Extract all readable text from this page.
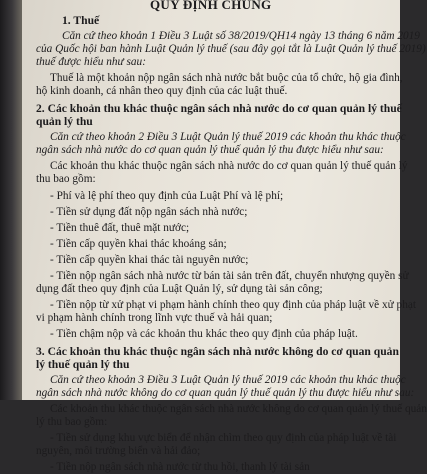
QUY ĐỊNH CHUNG
1. Thuế
Căn cứ theo khoản 1 Điều 3 Luật số 38/2019/QH14 ngày 13 tháng 6 năm 2019
của Quốc hội ban hành Luật Quản lý thuế (sau đây gọi tắt là Luật Quản lý thuế 2019)
thuế được hiểu như sau:
Thuế là một khoản nộp ngân sách nhà nước bắt buộc của tổ chức, hộ gia đình,
hộ kinh doanh, cá nhân theo quy định của các luật thuế.
2. Các khoản thu khác thuộc ngân sách nhà nước do cơ quan quản lý thuế
quản lý thu
Căn cứ theo khoản 2 Điều 3 Luật Quản lý thuế 2019 các khoản thu khác thuộc
ngân sách nhà nước do cơ quan quản lý thuế quản lý thu được hiểu như sau:
Các khoản thu khác thuộc ngân sách nhà nước do cơ quan quản lý thuế quản lý
thu bao gồm:
- Phí và lệ phí theo quy định của Luật Phí và lệ phí;
- Tiền sử dụng đất nộp ngân sách nhà nước;
- Tiền thuê đất, thuê mặt nước;
- Tiền cấp quyền khai thác khoáng sản;
- Tiền cấp quyền khai thác tài nguyên nước;
- Tiền nộp ngân sách nhà nước từ bán tài sản trên đất, chuyển nhượng quyền sử
dụng đất theo quy định của Luật Quản lý, sử dụng tài sản công;
- Tiền nộp từ xử phạt vi phạm hành chính theo quy định của pháp luật về xử phạt
vi phạm hành chính trong lĩnh vực thuế và hải quan;
- Tiền chậm nộp và các khoản thu khác theo quy định của pháp luật.
3. Các khoản thu khác thuộc ngân sách nhà nước không do cơ quan quản
lý thuế quản lý thu
Căn cứ theo khoản 3 Điều 3 Luật Quản lý thuế 2019 các khoản thu khác thuộc
ngân sách nhà nước không do cơ quan quản lý thuế quản lý thu được hiểu như sau:
Các khoản thu khác thuộc ngân sách nhà nước không do cơ quan quản lý thuế quản
lý thu bao gồm:
- Tiền sử dụng khu vực biển để nhận chìm theo quy định của pháp luật về tài
nguyên, môi trường biển và hải đảo;
- Tiền nộp ngân sách nhà nước từ thu hồi, thanh lý tài sản
